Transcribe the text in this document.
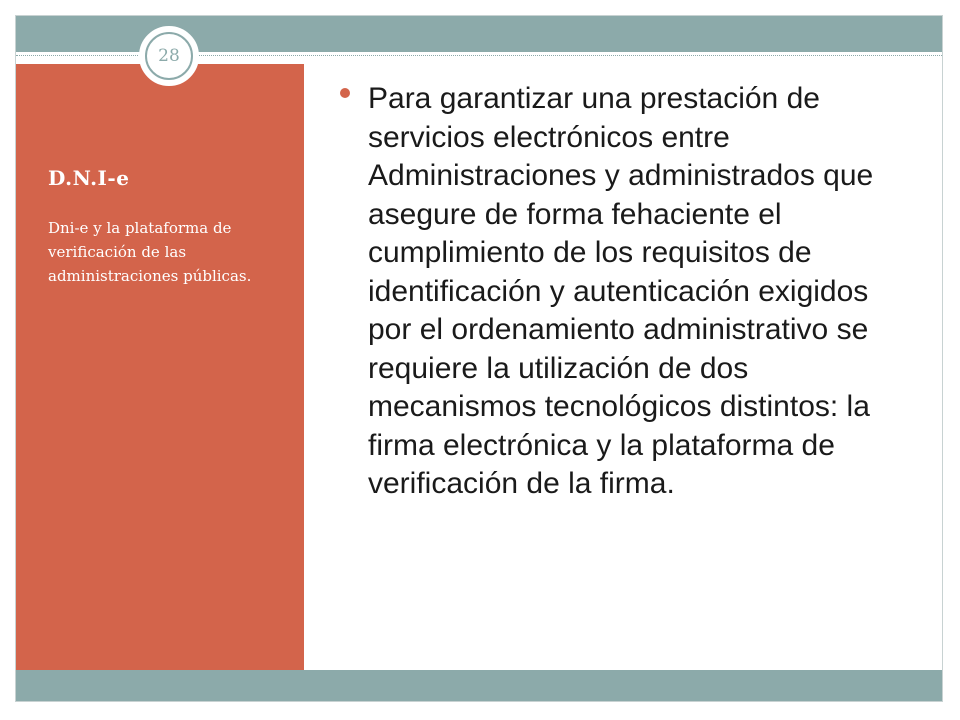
D.N.I-e
Dni-e y la plataforma de verificación de las administraciones públicas.
28

Para garantizar una prestación de servicios electrónicos entre Administraciones y administrados que asegure de forma fehaciente el cumplimiento de los requisitos de identificación y autenticación exigidos por el ordenamiento administrativo se requiere la utilización de dos mecanismos tecnológicos distintos: la firma electrónica y la plataforma de verificación de la firma.
